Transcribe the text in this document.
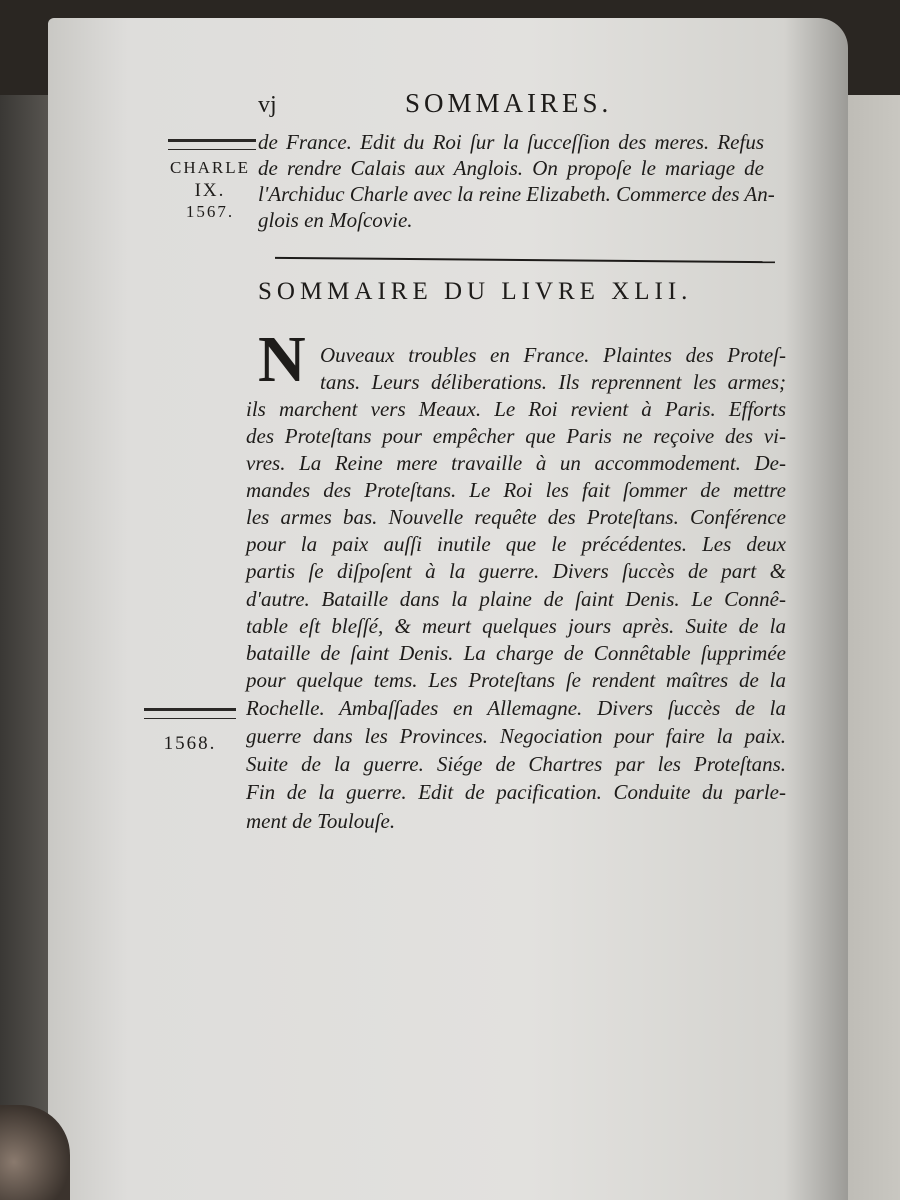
vj	SOMMAIRES.
CHARLE
IX.
1567.
de France. Edit du Roi ſur la ſucceſſion des meres. Refus
de rendre Calais aux Anglois. On propoſe le mariage de
l'Archiduc Charle avec la reine Elizabeth. Commerce des An-
glois en Moſcovie.
SOMMAIRE DU LIVRE XLII.
N
1568.
Ouveaux troubles en France. Plaintes des Proteſ-
tans. Leurs déliberations. Ils reprennent les armes;
ils marchent vers Meaux. Le Roi revient à Paris. Efforts
des Proteſtans pour empêcher que Paris ne reçoive des vi-
vres. La Reine mere travaille à un accommodement. De-
mandes des Proteſtans. Le Roi les fait ſommer de mettre
les armes bas. Nouvelle requête des Proteſtans. Conférence
pour la paix auſſi inutile que le précédentes. Les deux
partis ſe diſpoſent à la guerre. Divers ſuccès de part &
d'autre. Bataille dans la plaine de ſaint Denis. Le Connê-
table eſt bleſſé, & meurt quelques jours après. Suite de la
bataille de ſaint Denis. La charge de Connêtable ſupprimée
pour quelque tems. Les Proteſtans ſe rendent maîtres de la
Rochelle. Ambaſſades en Allemagne. Divers ſuccès de la
guerre dans les Provinces. Negociation pour faire la paix.
Suite de la guerre. Siége de Chartres par les Proteſtans.
Fin de la guerre. Edit de pacification. Conduite du parle-
ment de Toulouſe.
